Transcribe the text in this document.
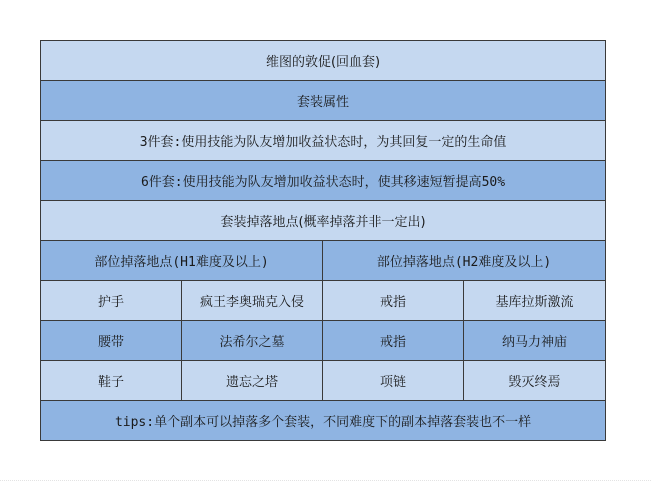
维图的敦促(回血套)			
套装属性			
3件套:使用技能为队友增加收益状态时，为其回复一定的生命值			
6件套:使用技能为队友增加收益状态时，使其移速短暂提高50%			
套装掉落地点(概率掉落并非一定出)			
部位掉落地点(H1难度及以上)		部位掉落地点(H2难度及以上)	
护手	疯王李奥瑞克入侵	戒指	基库拉斯激流
腰带	法希尔之墓	戒指	纳马力神庙
鞋子	遗忘之塔	项链	毁灭终焉
tips:单个副本可以掉落多个套装，不同难度下的副本掉落套装也不一样			
